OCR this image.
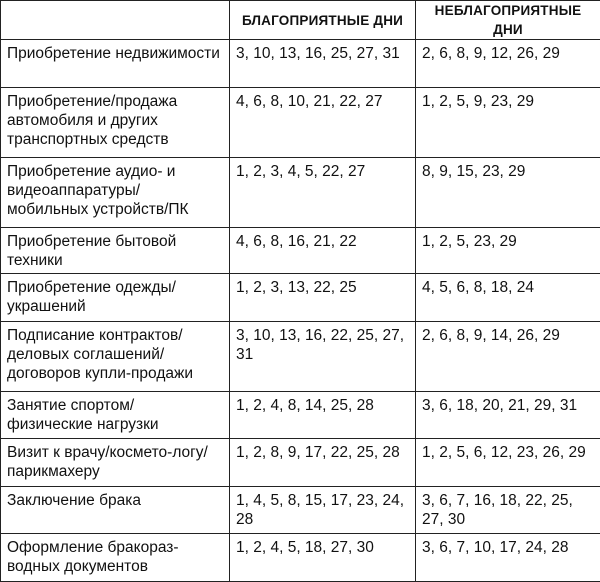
	БЛАГОПРИЯТНЫЕ ДНИ	НЕБЛАГОПРИЯТНЫЕ ДНИ
Приобретение недвижимости	3, 10, 13, 16, 25, 27, 31	2, 6, 8, 9, 12, 26, 29
Приобретение/продажа автомобиля и других транспортных средств	4, 6, 8, 10, 21, 22, 27	1, 2, 5, 9, 23, 29
Приобретение аудио- и видеоаппаратуры/ мобильных устройств/ПК	1, 2, 3, 4, 5, 22, 27	8, 9, 15, 23, 29
Приобретение бытовой техники	4, 6, 8, 16, 21, 22	1, 2, 5, 23, 29
Приобретение одежды/ украшений	1, 2, 3, 13, 22, 25	4, 5, 6, 8, 18, 24
Подписание контрактов/ деловых соглашений/ договоров купли-продажи	3, 10, 13, 16, 22, 25, 27, 31	2, 6, 8, 9, 14, 26, 29
Занятие спортом/ физические нагрузки	1, 2, 4, 8, 14, 25, 28	3, 6, 18, 20, 21, 29, 31
Визит к врачу/космето-логу/ парикмахеру	1, 2, 8, 9, 17, 22, 25, 28	1, 2, 5, 6, 12, 23, 26, 29
Заключение брака	1, 4, 5, 8, 15, 17, 23, 24, 28	3, 6, 7, 16, 18, 22, 25, 27, 30
Оформление бракораз-водных документов	1, 2, 4, 5, 18, 27, 30	3, 6, 7, 10, 17, 24, 28
